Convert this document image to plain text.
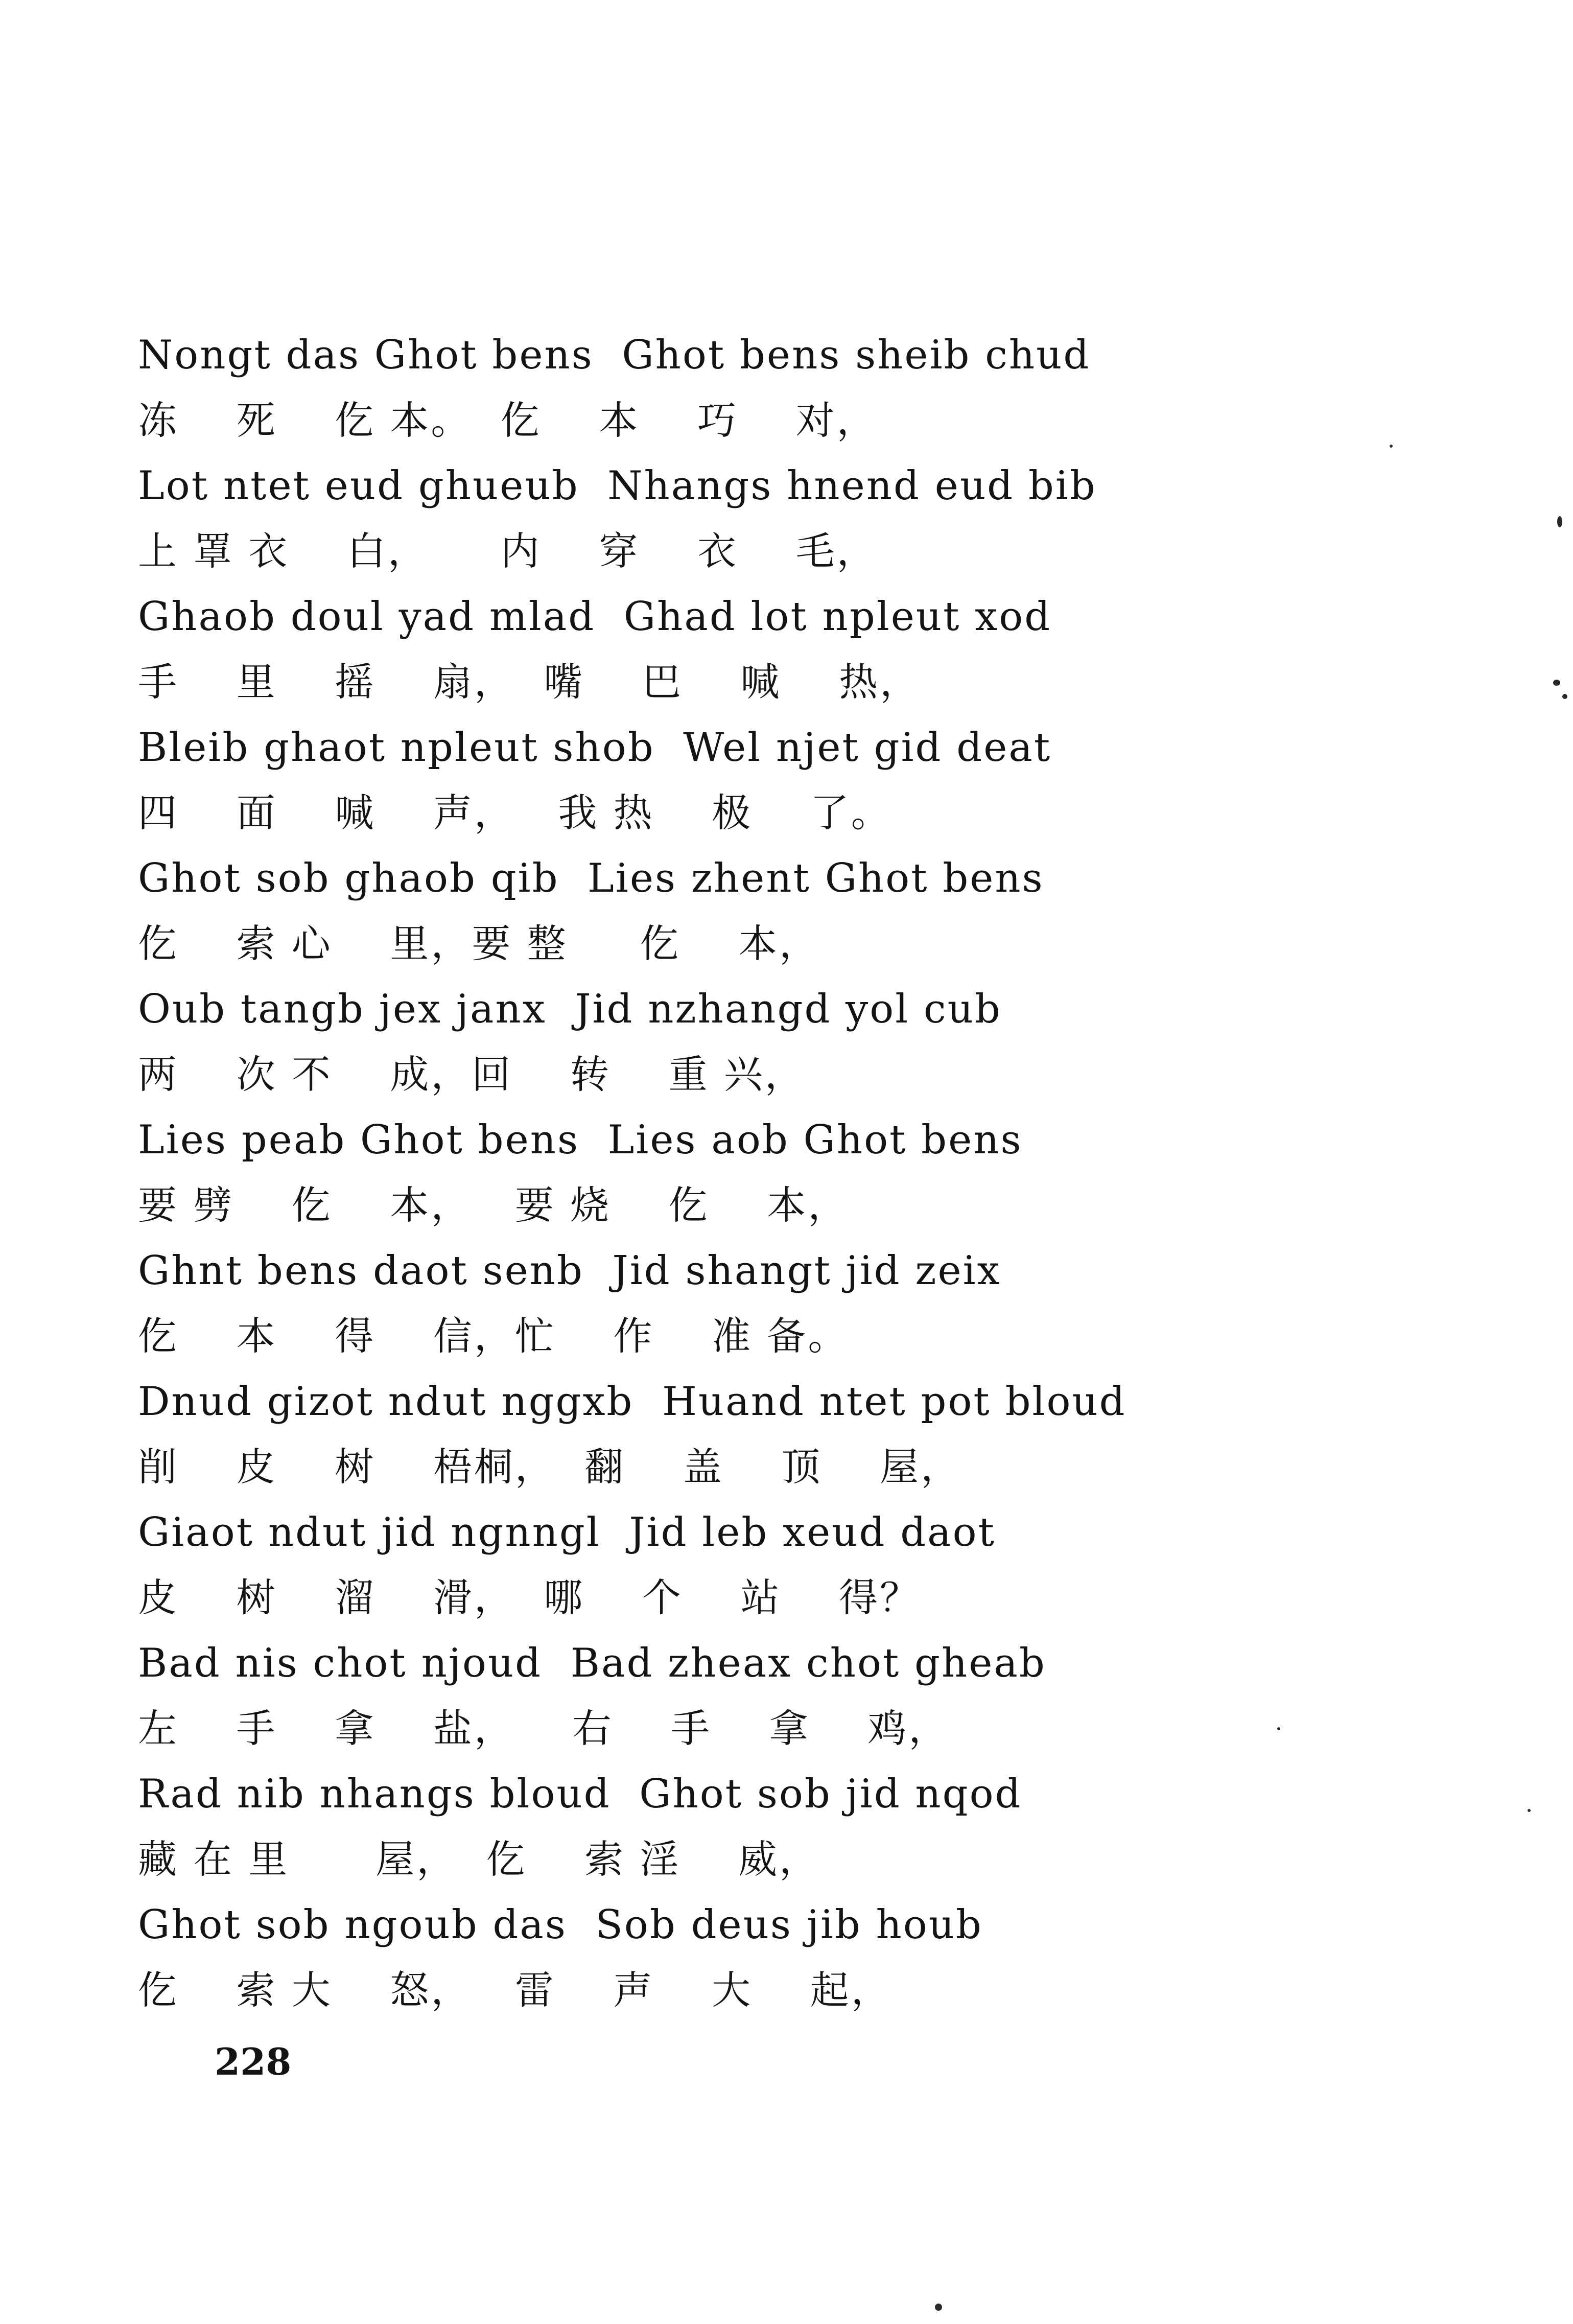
Nongt das Ghot bens  Ghot bens sheib chud
冻    死    仡 本。  仡    本    巧    对，
Lot ntet eud ghueub  Nhangs hnend eud bib
上 罩 衣    白，     内    穿    衣    毛，
Ghaob doul yad mlad  Ghad lot npleut xod
手    里    摇    扇，  嘴    巴    喊    热，
Bleib ghaot npleut shob  Wel njet gid deat
四    面    喊    声，   我 热    极    了。
Ghot sob ghaob qib  Lies zhent Ghot bens
仡    索 心    里，要 整     仡    本，
Oub tangb jex janx  Jid nzhangd yol cub
两    次 不    成，回    转    重 兴，
Lies peab Ghot bens  Lies aob Ghot bens
要 劈    仡    本，   要 烧    仡    本，
Ghnt bens daot senb  Jid shangt jid zeix
仡    本    得    信，忙    作    准 备。
Dnud gizot ndut nggxb  Huand ntet pot bloud
削    皮    树    梧桐，  翻    盖    顶    屋，
Giaot ndut jid ngnngl  Jid leb xeud daot
皮    树    溜    滑，  哪    个    站    得？
Bad nis chot njoud  Bad zheax chot gheab
左    手    拿    盐，    右    手    拿    鸡，
Rad nib nhangs bloud  Ghot sob jid nqod
藏 在 里      屋，  仡    索 淫    威，
Ghot sob ngoub das  Sob deus jib houb
仡    索 大    怒，   雷    声    大    起，
228
